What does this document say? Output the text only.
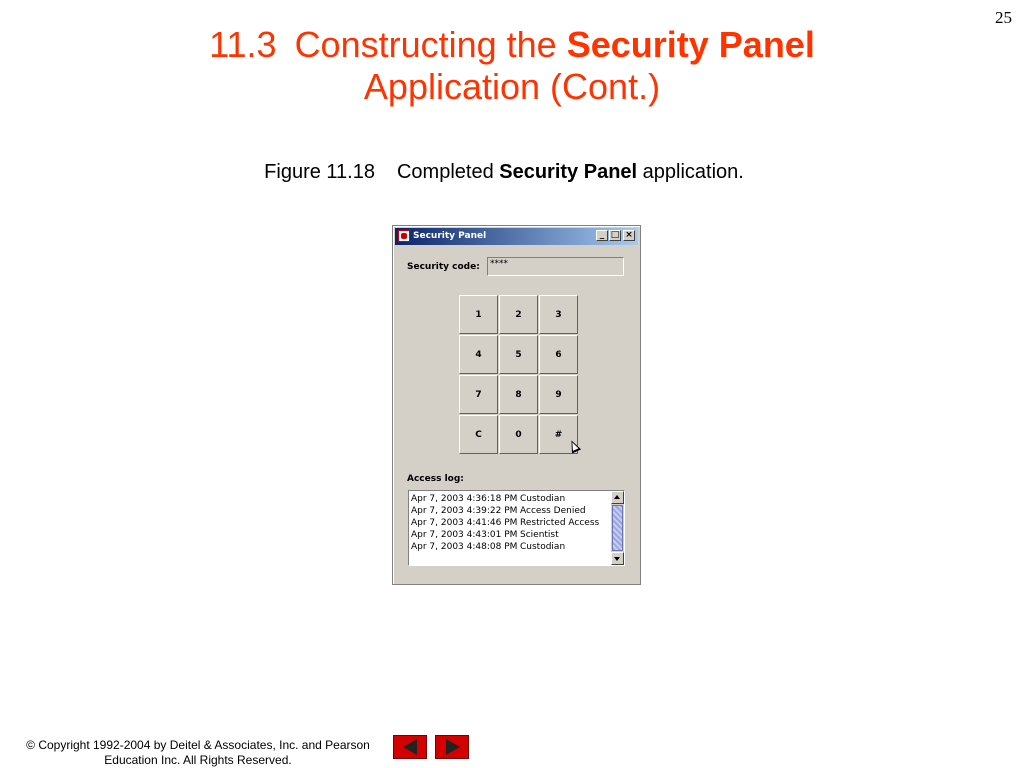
25
11.3 Constructing the Security Panel
Application (Cont.)
Figure 11.18 Completed Security Panel application.
Security Panel	_ □ ×
Security code:	****
1	2	3
4	5	6
7	8	9
C	0	#
Access log:
Apr 7, 2003 4:36:18 PM Custodian
Apr 7, 2003 4:39:22 PM Access Denied
Apr 7, 2003 4:41:46 PM Restricted Access
Apr 7, 2003 4:43:01 PM Scientist
Apr 7, 2003 4:48:08 PM Custodian
© Copyright 1992-2004 by Deitel & Associates, Inc. and Pearson
Education Inc. All Rights Reserved.
